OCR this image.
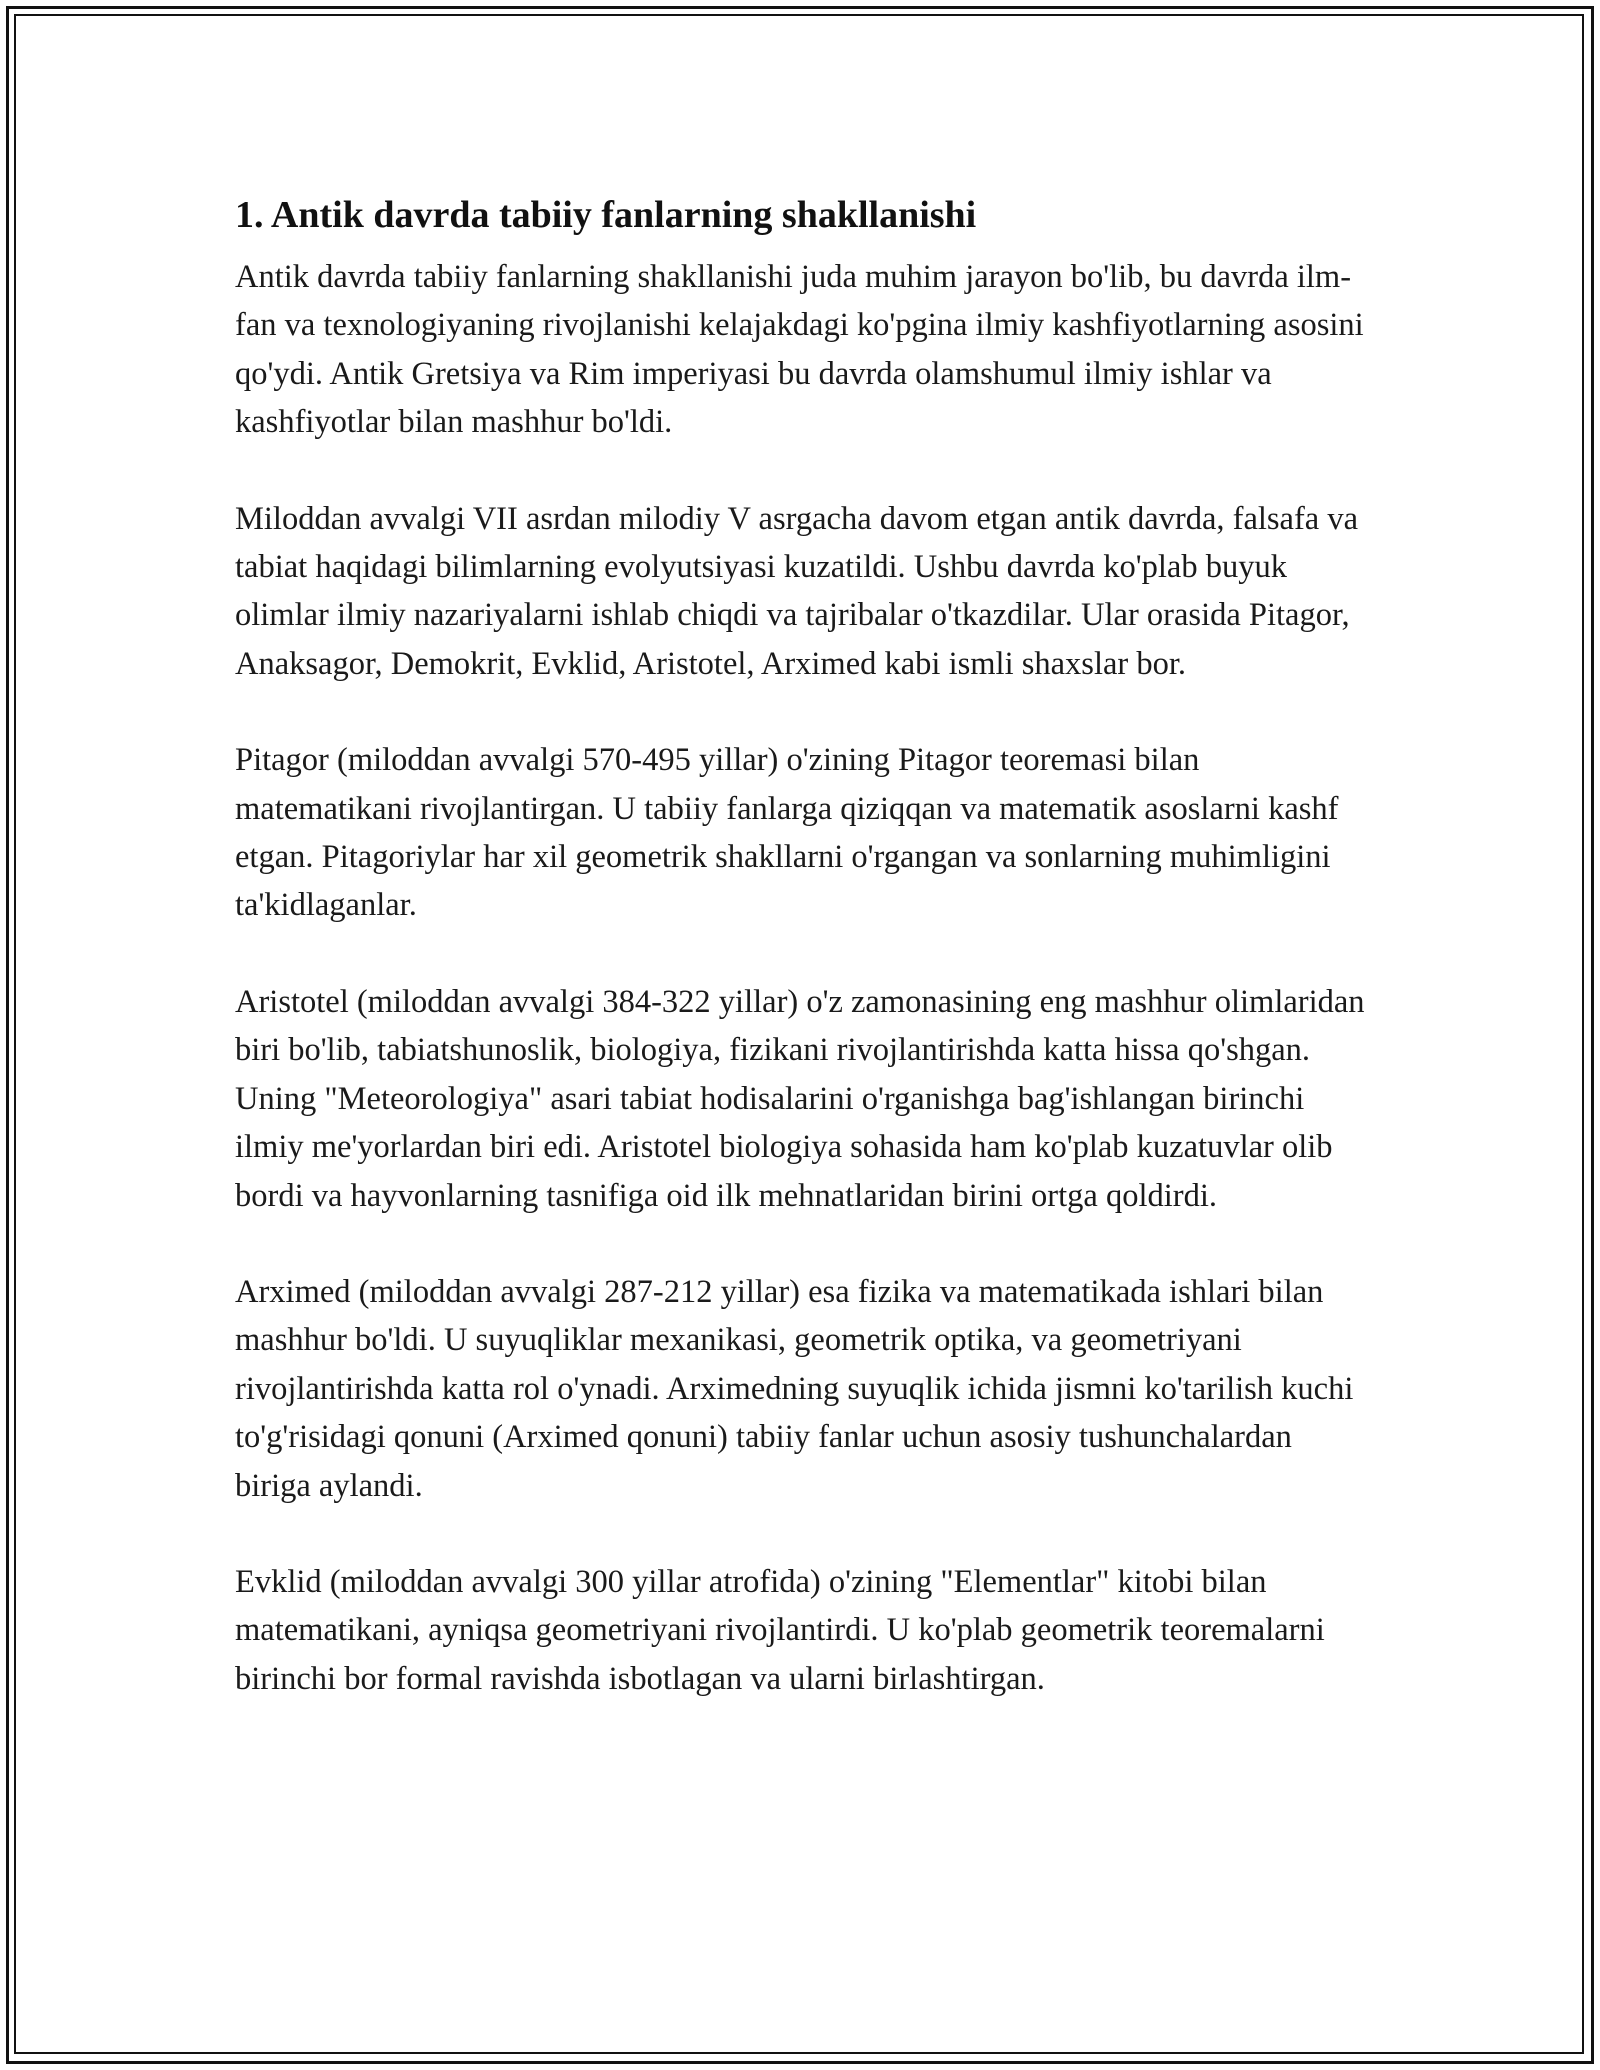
1. Antik davrda tabiiy fanlarning shakllanishi

Antik davrda tabiiy fanlarning shakllanishi juda muhim jarayon bo'lib, bu davrda ilm-fan va texnologiyaning rivojlanishi kelajakdagi ko'pgina ilmiy kashfiyotlarning asosini qo'ydi. Antik Gretsiya va Rim imperiyasi bu davrda olamshumul ilmiy ishlar va kashfiyotlar bilan mashhur bo'ldi.

Miloddan avvalgi VII asrdan milodiy V asrgacha davom etgan antik davrda, falsafa va tabiat haqidagi bilimlarning evolyutsiyasi kuzatildi. Ushbu davrda ko'plab buyuk olimlar ilmiy nazariyalarni ishlab chiqdi va tajribalar o'tkazdilar. Ular orasida Pitagor, Anaksagor, Demokrit, Evklid, Aristotel, Arximed kabi ismli shaxslar bor.

Pitagor (miloddan avvalgi 570-495 yillar) o'zining Pitagor teoremasi bilan matematikani rivojlantirgan. U tabiiy fanlarga qiziqqan va matematik asoslarni kashf etgan. Pitagoriylar har xil geometrik shakllarni o'rgangan va sonlarning muhimligini ta'kidlaganlar.

Aristotel (miloddan avvalgi 384-322 yillar) o'z zamonasining eng mashhur olimlaridan biri bo'lib, tabiatshunoslik, biologiya, fizikani rivojlantirishda katta hissa qo'shgan. Uning "Meteorologiya" asari tabiat hodisalarini o'rganishga bag'ishlangan birinchi ilmiy me'yorlardan biri edi. Aristotel biologiya sohasida ham ko'plab kuzatuvlar olib bordi va hayvonlarning tasnifiga oid ilk mehnatlaridan birini ortga qoldirdi.

Arximed (miloddan avvalgi 287-212 yillar) esa fizika va matematikada ishlari bilan mashhur bo'ldi. U suyuqliklar mexanikasi, geometrik optika, va geometriyani rivojlantirishda katta rol o'ynadi. Arximedning suyuqlik ichida jismni ko'tarilish kuchi to'g'risidagi qonuni (Arximed qonuni) tabiiy fanlar uchun asosiy tushunchalardan biriga aylandi.

Evklid (miloddan avvalgi 300 yillar atrofida) o'zining "Elementlar" kitobi bilan matematikani, ayniqsa geometriyani rivojlantirdi. U ko'plab geometrik teoremalarni birinchi bor formal ravishda isbotlagan va ularni birlashtirgan.
